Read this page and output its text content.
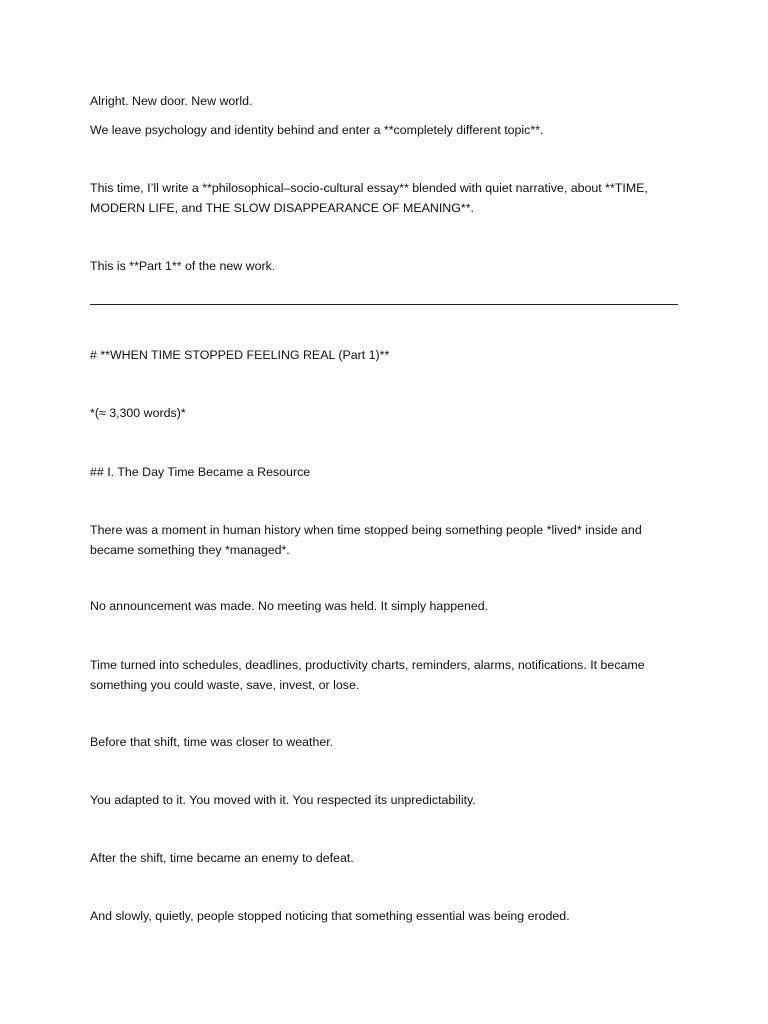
Alright. New door. New world.

We leave psychology and identity behind and enter a **completely different topic**.

This time, I’ll write a **philosophical–socio-cultural essay** blended with quiet narrative, about **TIME, MODERN LIFE, and THE SLOW DISAPPEARANCE OF MEANING**.

This is **Part 1** of the new work.

# **WHEN TIME STOPPED FEELING REAL (Part 1)**

*(≈ 3,300 words)*

## I. The Day Time Became a Resource

There was a moment in human history when time stopped being something people *lived* inside and became something they *managed*.

No announcement was made. No meeting was held. It simply happened.

Time turned into schedules, deadlines, productivity charts, reminders, alarms, notifications. It became something you could waste, save, invest, or lose.

Before that shift, time was closer to weather.

You adapted to it. You moved with it. You respected its unpredictability.

After the shift, time became an enemy to defeat.

And slowly, quietly, people stopped noticing that something essential was being eroded.
